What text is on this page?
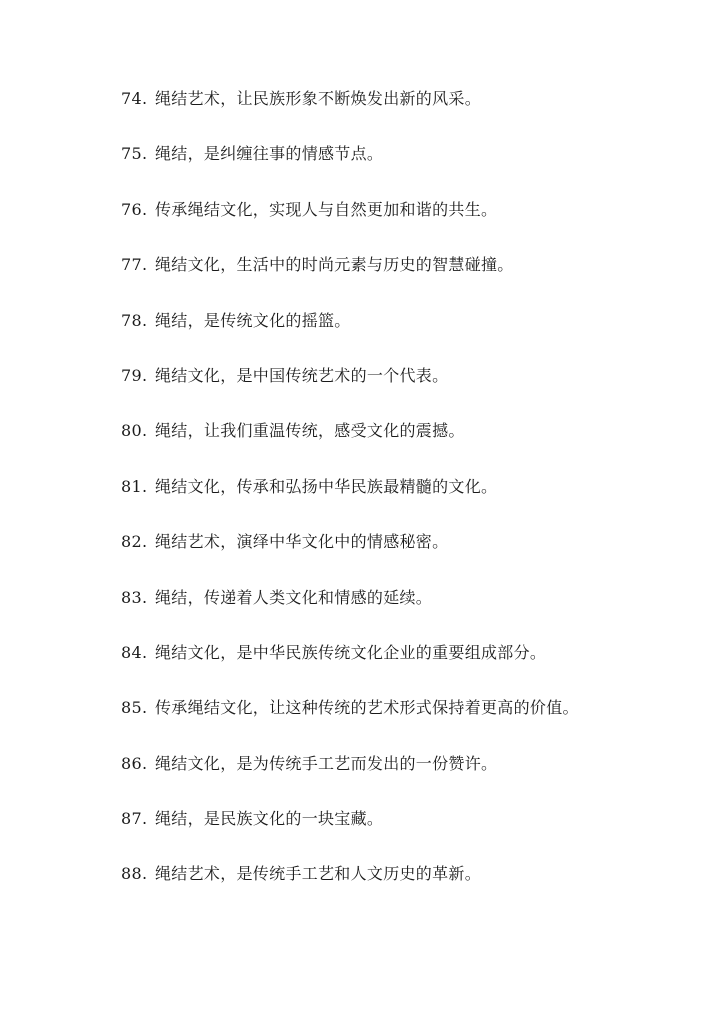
74. 绳结艺术，让民族形象不断焕发出新的风采。
75. 绳结，是纠缠往事的情感节点。
76. 传承绳结文化，实现人与自然更加和谐的共生。
77. 绳结文化，生活中的时尚元素与历史的智慧碰撞。
78. 绳结，是传统文化的摇篮。
79. 绳结文化，是中国传统艺术的一个代表。
80. 绳结，让我们重温传统，感受文化的震撼。
81. 绳结文化，传承和弘扬中华民族最精髓的文化。
82. 绳结艺术，演绎中华文化中的情感秘密。
83. 绳结，传递着人类文化和情感的延续。
84. 绳结文化，是中华民族传统文化企业的重要组成部分。
85. 传承绳结文化，让这种传统的艺术形式保持着更高的价值。
86. 绳结文化，是为传统手工艺而发出的一份赞许。
87. 绳结，是民族文化的一块宝藏。
88. 绳结艺术，是传统手工艺和人文历史的革新。
